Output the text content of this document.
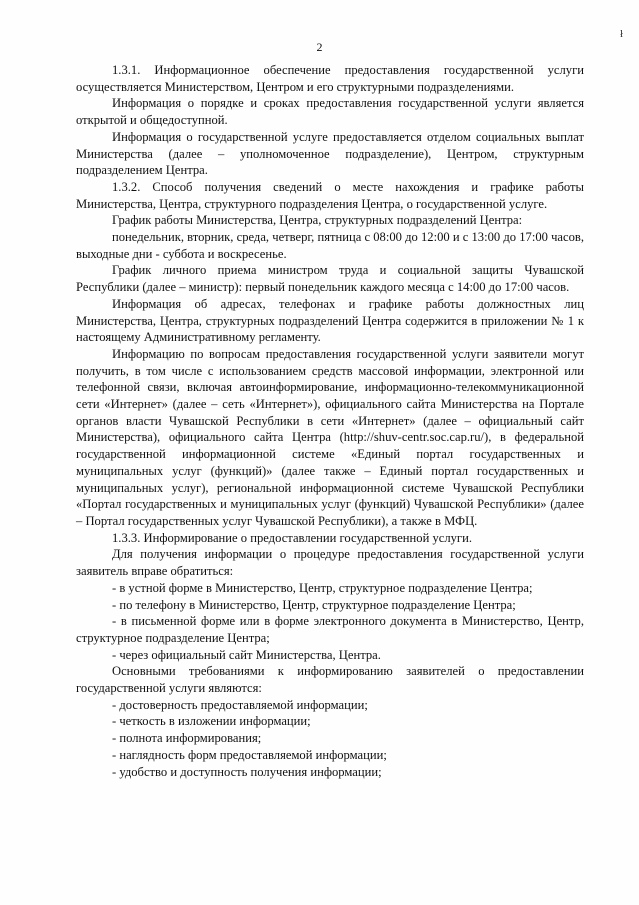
2
ł

1.3.1. Информационное обеспечение предоставления государственной услуги осуществляется Министерством, Центром и его структурными подразделениями.

Информация о порядке и сроках предоставления государственной услуги является открытой и общедоступной.

Информация о государственной услуге предоставляется отделом социальных выплат Министерства (далее – уполномоченное подразделение), Центром, структурным подразделением Центра.

1.3.2. Способ получения сведений о месте нахождения и графике работы Министерства, Центра, структурного подразделения Центра, о государственной услуге.

График работы Министерства, Центра, структурных подразделений Центра:

понедельник, вторник, среда, четверг, пятница с 08:00 до 12:00 и с 13:00 до 17:00 часов, выходные дни - суббота и воскресенье.

График личного приема министром труда и социальной защиты Чувашской Республики (далее – министр): первый понедельник каждого месяца с 14:00 до 17:00 часов.

Информация об адресах, телефонах и графике работы должностных лиц Министерства, Центра, структурных подразделений Центра содержится в приложении № 1 к настоящему Административному регламенту.

Информацию по вопросам предоставления государственной услуги заявители могут получить, в том числе с использованием средств массовой информации, электронной или телефонной связи, включая автоинформирование, информационно-телекоммуникационной сети «Интернет» (далее – сеть «Интернет»), официального сайта Министерства на Портале органов власти Чувашской Республики в сети «Интернет» (далее – официальный сайт Министерства), официального сайта Центра (http://shuv-centr.soc.cap.ru/), в федеральной государственной информационной системе «Единый портал государственных и муниципальных услуг (функций)» (далее также – Единый портал государственных и муниципальных услуг), региональной информационной системе Чувашской Республики «Портал государственных и муниципальных услуг (функций) Чувашской Республики» (далее – Портал государственных услуг Чувашской Республики), а также в МФЦ.

1.3.3. Информирование о предоставлении государственной услуги.

Для получения информации о процедуре предоставления государственной услуги заявитель вправе обратиться:

- в устной форме в Министерство, Центр, структурное подразделение Центра;

- по телефону в Министерство, Центр, структурное подразделение Центра;

- в письменной форме или в форме электронного документа в Министерство, Центр, структурное подразделение Центра;

- через официальный сайт Министерства, Центра.

Основными требованиями к информированию заявителей о предоставлении государственной услуги являются:

- достоверность предоставляемой информации;

- четкость в изложении информации;

- полнота информирования;

- наглядность форм предоставляемой информации;

- удобство и доступность получения информации;
